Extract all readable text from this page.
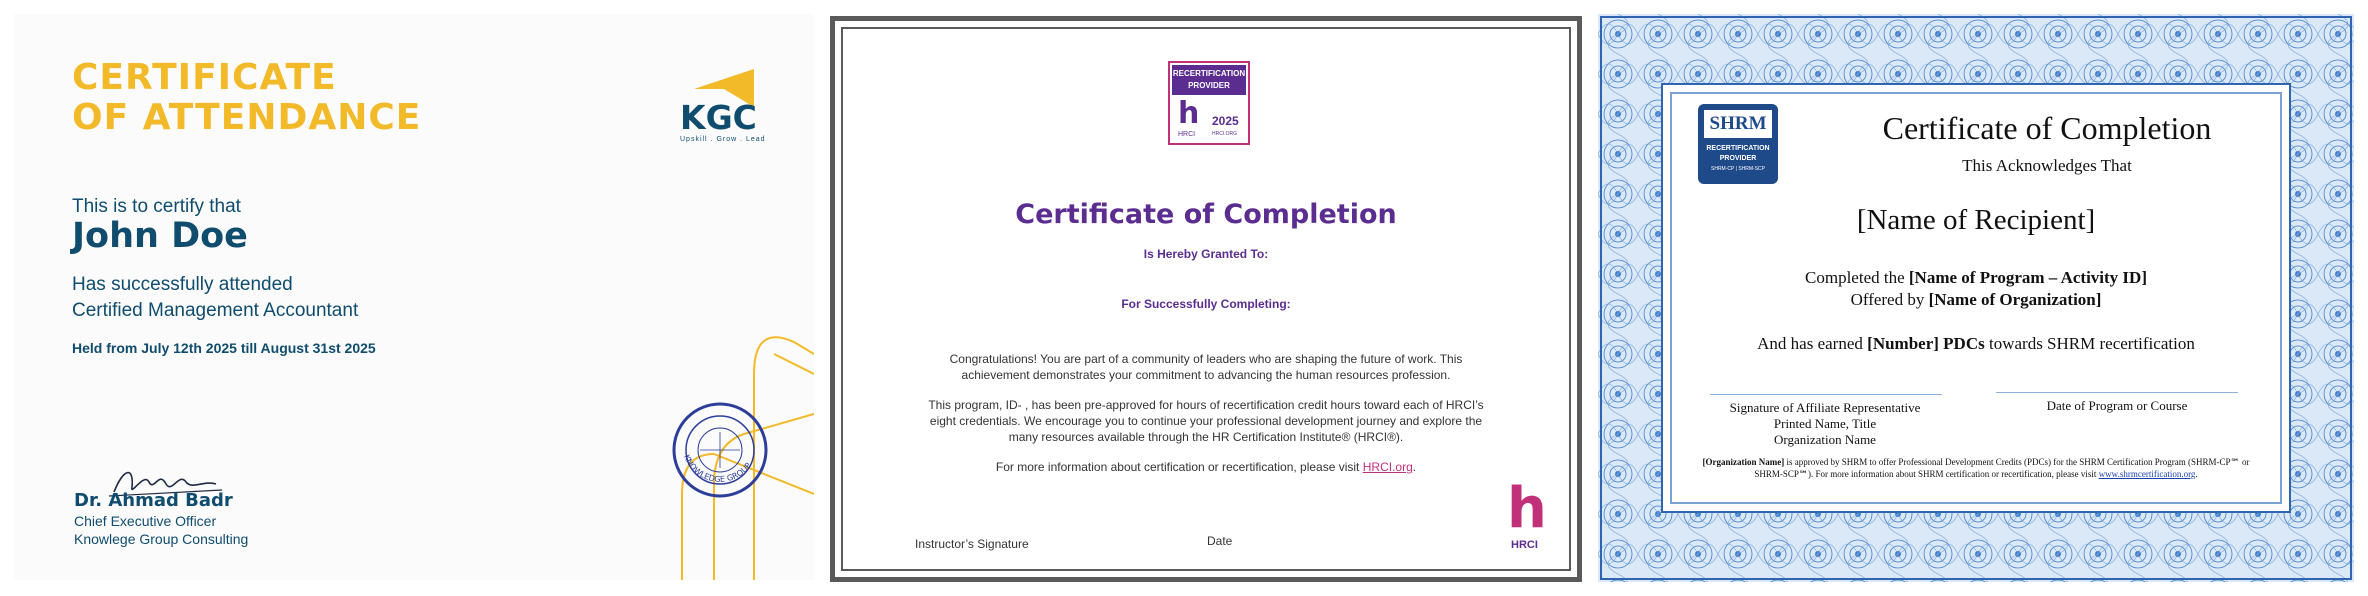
CERTIFICATE
OF ATTENDANCE	KGC
Upskill . Grow . Lead
This is to certify that
John Doe
Has successfully attended
Certified Management Accountant
Held from July 12th 2025 till August 31st 2025
Dr. Ahmad Badr
Chief Executive Officer
Knowlege Group Consulting
KNOWLEDGE GROUP
RECERTIFICATION PROVIDER
h 2025
HRCI	HRCI.ORG
Certificate of Completion
Is Hereby Granted To:
For Successfully Completing:
Congratulations! You are part of a community of leaders who are shaping the future of work. This achievement demonstrates your commitment to advancing the human resources profession.
This program, ID- , has been pre-approved for hours of recertification credit hours toward each of HRCI’s eight credentials. We encourage you to continue your professional development journey and explore the many resources available through the HR Certification Institute® (HRCI®).
For more information about certification or recertification, please visit HRCI.org.
Instructor’s Signature	Date	h
HRCI
SHRM
RECERTIFICATION
PROVIDER
SHRM-CP | SHRM-SCP
Certificate of Completion
This Acknowledges That
[Name of Recipient]
Completed the [Name of Program – Activity ID]
Offered by [Name of Organization]
And has earned [Number] PDCs towards SHRM recertification
Signature of Affiliate Representative
Printed Name, Title
Organization Name
Date of Program or Course
[Organization Name] is approved by SHRM to offer Professional Development Credits (PDCs) for the SHRM Certification Program (SHRM-CP℠ or SHRM-SCP℠). For more information about SHRM certification or recertification, please visit www.shrmcertification.org.
